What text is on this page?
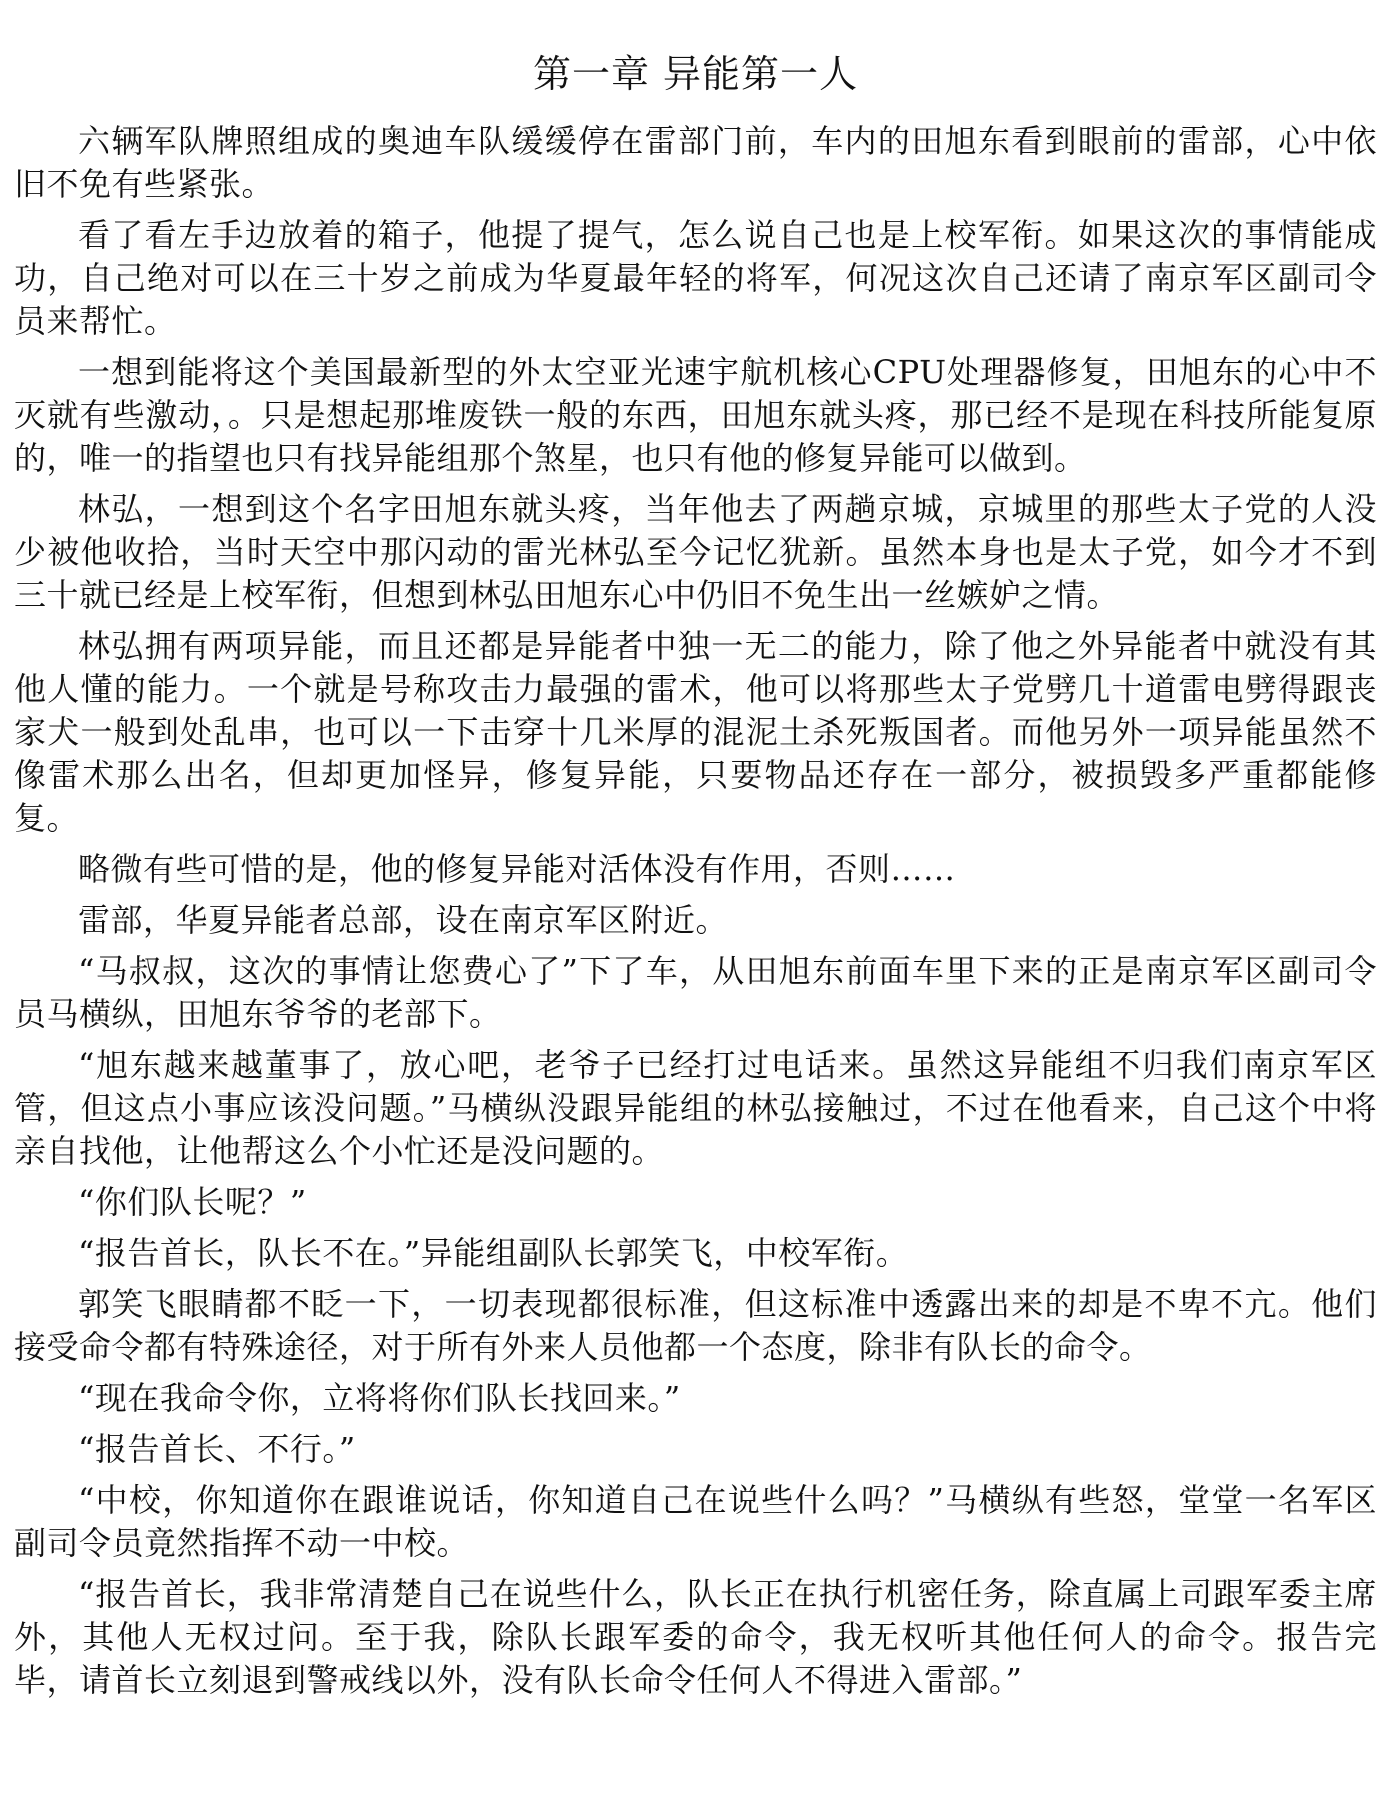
第一章 异能第一人

六辆军队牌照组成的奥迪车队缓缓停在雷部门前，车内的田旭东看到眼前的雷部，心中依旧不免有些紧张。

看了看左手边放着的箱子，他提了提气，怎么说自己也是上校军衔。如果这次的事情能成功，自己绝对可以在三十岁之前成为华夏最年轻的将军，何况这次自己还请了南京军区副司令员来帮忙。

一想到能将这个美国最新型的外太空亚光速宇航机核心CPU处理器修复，田旭东的心中不灭就有些激动，。只是想起那堆废铁一般的东西，田旭东就头疼，那已经不是现在科技所能复原的，唯一的指望也只有找异能组那个煞星，也只有他的修复异能可以做到。

林弘，一想到这个名字田旭东就头疼，当年他去了两趟京城，京城里的那些太子党的人没少被他收拾，当时天空中那闪动的雷光林弘至今记忆犹新。虽然本身也是太子党，如今才不到三十就已经是上校军衔，但想到林弘田旭东心中仍旧不免生出一丝嫉妒之情。

林弘拥有两项异能，而且还都是异能者中独一无二的能力，除了他之外异能者中就没有其他人懂的能力。一个就是号称攻击力最强的雷术，他可以将那些太子党劈几十道雷电劈得跟丧家犬一般到处乱串，也可以一下击穿十几米厚的混泥土杀死叛国者。而他另外一项异能虽然不像雷术那么出名，但却更加怪异，修复异能，只要物品还存在一部分，被损毁多严重都能修复。

略微有些可惜的是，他的修复异能对活体没有作用，否则……

雷部，华夏异能者总部，设在南京军区附近。

“马叔叔，这次的事情让您费心了”下了车，从田旭东前面车里下来的正是南京军区副司令员马横纵，田旭东爷爷的老部下。

“旭东越来越董事了，放心吧，老爷子已经打过电话来。虽然这异能组不归我们南京军区管，但这点小事应该没问题。”马横纵没跟异能组的林弘接触过，不过在他看来，自己这个中将亲自找他，让他帮这么个小忙还是没问题的。

“你们队长呢？”

“报告首长，队长不在。”异能组副队长郭笑飞，中校军衔。

郭笑飞眼睛都不眨一下，一切表现都很标准，但这标准中透露出来的却是不卑不亢。他们接受命令都有特殊途径，对于所有外来人员他都一个态度，除非有队长的命令。

“现在我命令你，立将将你们队长找回来。”

“报告首长、不行。”

“中校，你知道你在跟谁说话，你知道自己在说些什么吗？”马横纵有些怒，堂堂一名军区副司令员竟然指挥不动一中校。

“报告首长，我非常清楚自己在说些什么，队长正在执行机密任务，除直属上司跟军委主席外，其他人无权过问。至于我，除队长跟军委的命令，我无权听其他任何人的命令。报告完毕，请首长立刻退到警戒线以外，没有队长命令任何人不得进入雷部。”
